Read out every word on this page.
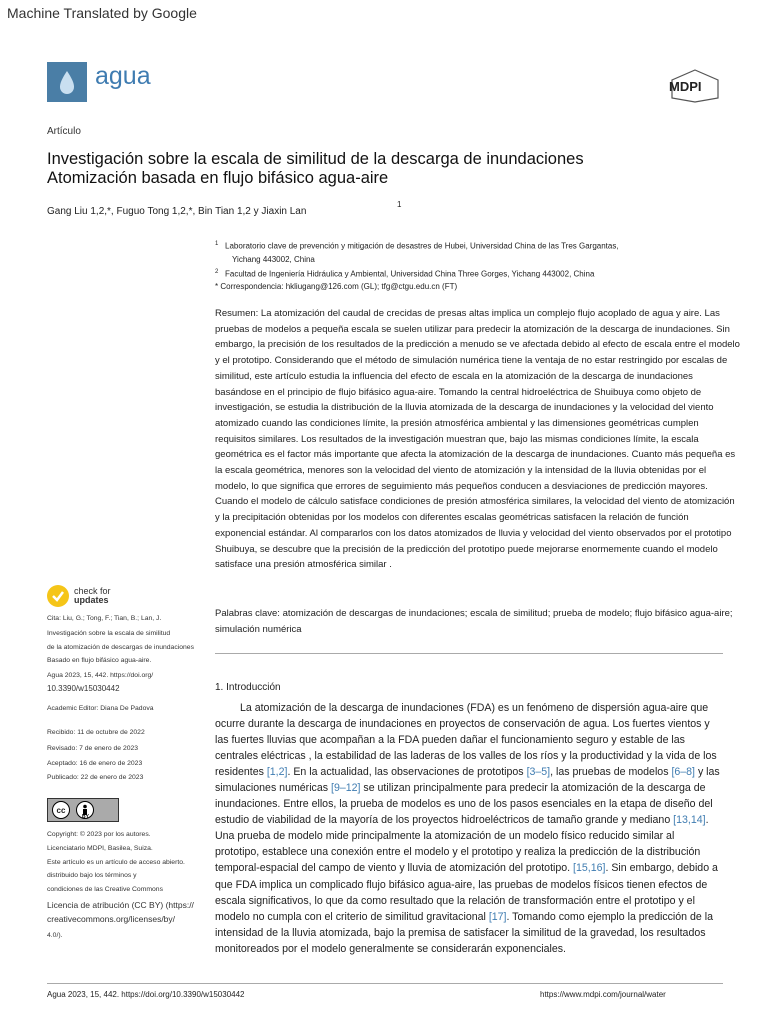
Machine Translated by Google
agua	MDPI
Artículo
Investigación sobre la escala de similitud de la descarga de inundaciones
Atomización basada en flujo bifásico agua-aire
Gang Liu 1,2,*, Fuguo Tong 1,2,*, Bin Tian 1,2 y Jiaxin Lan
1
$^1$ Laboratorio clave de prevención y mitigación de desastres de Hubei, Universidad China de las Tres Gargantas,
Yichang 443002, China
$^2$ Facultad de Ingeniería Hidráulica y Ambiental, Universidad China Three Gorges, Yichang 443002, China
* Correspondencia: hkliugang@126.com (GL); tfg@ctgu.edu.cn (FT)
Resumen: La atomización del caudal de crecidas de presas altas implica un complejo flujo acoplado de agua y aire. Las pruebas de modelos a pequeña escala se suelen utilizar para predecir la atomización de la descarga de inundaciones. Sin embargo, la precisión de los resultados de la predicción a menudo se ve afectada debido al efecto de escala entre el modelo y el prototipo. Considerando que el método de simulación numérica tiene la ventaja de no estar restringido por escalas de similitud, este artículo estudia la influencia del efecto de escala en la atomización de la descarga de inundaciones basándose en el principio de flujo bifásico agua-aire. Tomando la central hidroeléctrica de Shuibuya como objeto de investigación, se estudia la distribución de la lluvia atomizada de la descarga de inundaciones y la velocidad del viento atomizado cuando las condiciones límite, la presión atmosférica ambiental y las dimensiones geométricas cumplen requisitos similares. Los resultados de la investigación muestran que, bajo las mismas condiciones límite, la escala geométrica es el factor más importante que afecta la atomización de la descarga de inundaciones. Cuanto más pequeña es la escala geométrica, menores son la velocidad del viento de atomización y la intensidad de la lluvia obtenidas por el modelo, lo que significa que errores de seguimiento más pequeños conducen a desviaciones de predicción mayores. Cuando el modelo de cálculo satisface condiciones de presión atmosférica similares, la velocidad del viento de atomización y la precipitación obtenidas por los modelos con diferentes escalas geométricas satisfacen la relación de función exponencial estándar. Al compararlos con los datos atomizados de lluvia y velocidad del viento observados por el prototipo Shuibuya, se descubre que la precisión de la predicción del prototipo puede mejorarse enormemente cuando el modelo satisface una presión atmosférica similar .
Palabras clave: atomización de descargas de inundaciones; escala de similitud; prueba de modelo; flujo bifásico agua-aire; simulación numérica
1. Introducción
La atomización de la descarga de inundaciones (FDA) es un fenómeno de dispersión agua-aire que ocurre durante la descarga de inundaciones en proyectos de conservación de agua. Los fuertes vientos y las fuertes lluvias que acompañan a la FDA pueden dañar el funcionamiento seguro y estable de las centrales eléctricas , la estabilidad de las laderas de los valles de los ríos y la productividad y la vida de los residentes [1,2]. En la actualidad, las observaciones de prototipos [3–5], las pruebas de modelos [6–8] y las simulaciones numéricas [9–12] se utilizan principalmente para predecir la atomización de la descarga de inundaciones. Entre ellos, la prueba de modelos es uno de los pasos esenciales en la etapa de diseño del estudio de viabilidad de la mayoría de los proyectos hidroeléctricos de tamaño grande y mediano [13,14]. Una prueba de modelo mide principalmente la atomización de un modelo físico reducido similar al prototipo, establece una conexión entre el modelo y el prototipo y realiza la predicción de la distribución temporal-espacial del campo de viento y lluvia de atomización del prototipo. [15,16]. Sin embargo, debido a que FDA implica un complicado flujo bifásico agua-aire, las pruebas de modelos físicos tienen efectos de escala significativos, lo que da como resultado que la relación de transformación entre el prototipo y el modelo no cumpla con el criterio de similitud gravitacional [17]. Tomando como ejemplo la predicción de la intensidad de la lluvia atomizada, bajo la premisa de satisfacer la similitud de la gravedad, los resultados monitoreados por el modelo generalmente se considerarán exponenciales.
check for
updates
Cita: Liu, G.; Tong, F.; Tian, B.; Lan, J.
Investigación sobre la escala de similitud
de la atomización de descargas de inundaciones
Basado en flujo bifásico agua-aire.
Agua 2023, 15, 442. https://doi.org/
10.3390/w15030442
Academic Editor: Diana De Padova
Recibido: 11 de octubre de 2022
Revisado: 7 de enero de 2023
Aceptado: 16 de enero de 2023
Publicado: 22 de enero de 2023
cc
BY
Copyright: © 2023 por los autores.
Licenciatario MDPI, Basilea, Suiza.
Este artículo es un artículo de acceso abierto.
distribuido bajo los términos y
condiciones de las Creative Commons
Licencia de atribución (CC BY) (https://
creativecommons.org/licenses/by/
4.0/).
Agua 2023, 15, 442. https://doi.org/10.3390/w15030442	https://www.mdpi.com/journal/water
